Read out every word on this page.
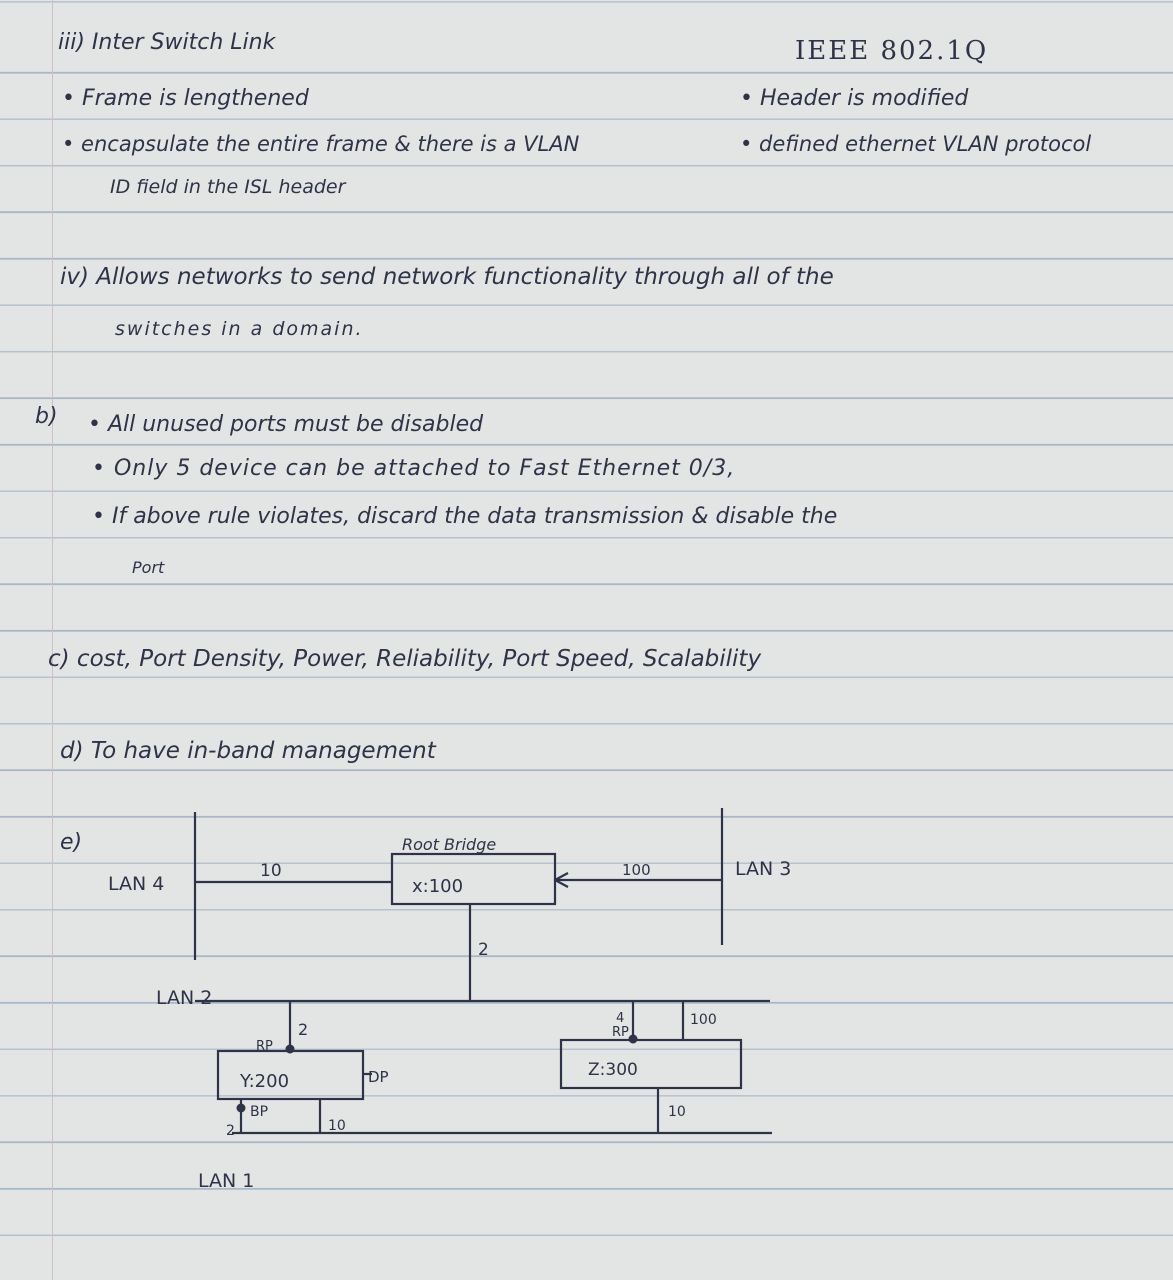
iii) Inter Switch Link	IEEE 802.1Q
• Frame is lengthened
• encapsulate the entire frame & there is a VLAN
ID field in the ISL header
• Header is modified
• defined ethernet VLAN protocol
iv) Allows networks to send network functionality through all of the
switches in a domain.
b) • All unused ports must be disabled
• Only 5 device can be attached to Fast Ethernet 0/3,
• If above rule violates, discard the data transmission & disable the
Port
c) cost, Port Density, Power, Reliability, Port Speed, Scalability
d) To have in-band management
e)
LAN 4
LAN 3
LAN 2
LAN 1
Root Bridge
x:100
Y:200
Z:300
RP
DP
BP
RP
10	100
2
2
2	10
4	100
10
